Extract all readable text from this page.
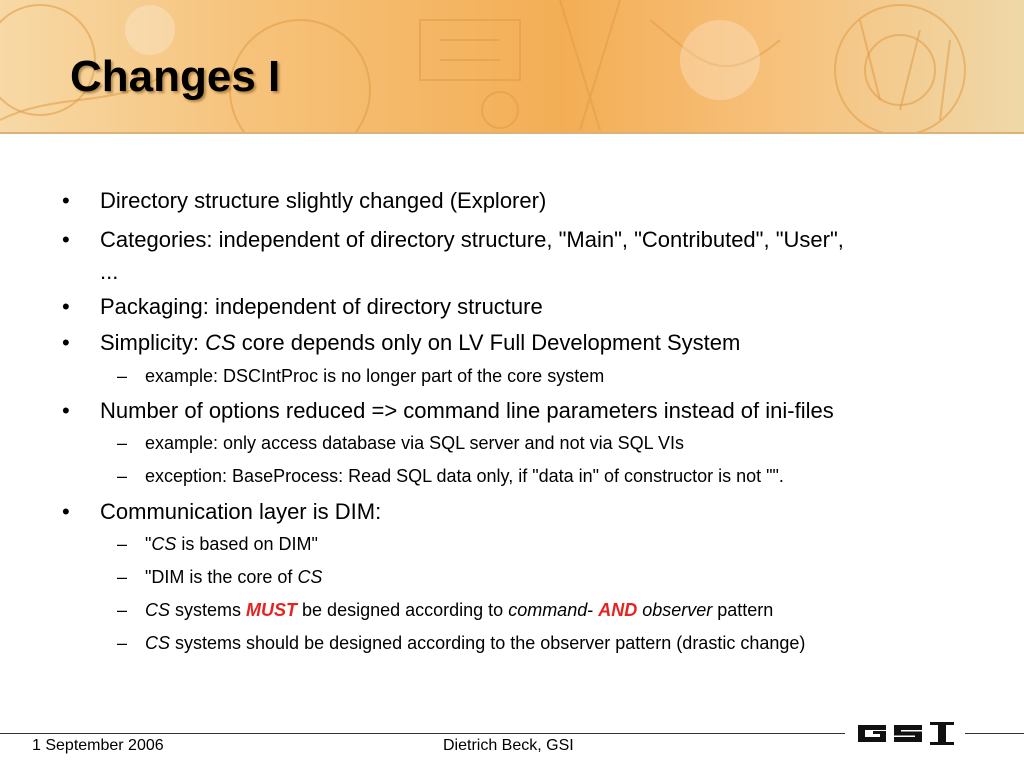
Changes I
• Directory structure slightly changed (Explorer)
• Categories: independent of directory structure, "Main", "Contributed", "User",
...
• Packaging: independent of directory structure
• Simplicity: CS core depends only on LV Full Development System
– example: DSCIntProc is no longer part of the core system
• Number of options reduced => command line parameters instead of ini-files
– example: only access database via SQL server and not via SQL VIs
– exception: BaseProcess: Read SQL data only, if "data in" of constructor is not "".
• Communication layer is DIM:
– "CS is based on DIM"
– "DIM is the core of CS
– CS systems MUST be designed according to command- AND observer pattern
– CS systems should be designed according to the observer pattern (drastic change)
1 September 2006	Dietrich Beck, GSI
GSI
